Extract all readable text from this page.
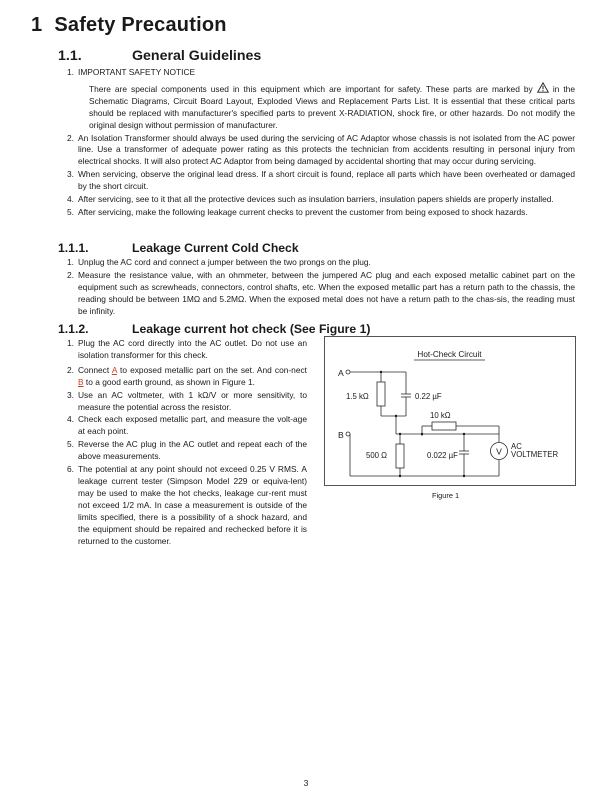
1 Safety Precaution
1.1.	General Guidelines
1. IMPORTANT SAFETY NOTICE
There are special components used in this equipment which are important for safety. These parts are marked by in the Schematic Diagrams, Circuit Board Layout, Exploded Views and Replacement Parts List. It is essential that these critical parts should be replaced with manufacturer's specified parts to prevent X-RADIATION, shock fire, or other hazards. Do not modify the original design without permission of manufacturer.
2. An Isolation Transformer should always be used during the servicing of AC Adaptor whose chassis is not isolated from the AC power line. Use a transformer of adequate power rating as this protects the technician from accidents resulting in personal injury from electrical shocks. It will also protect AC Adaptor from being damaged by accidental shorting that may occur during servicing.
3. When servicing, observe the original lead dress. If a short circuit is found, replace all parts which have been overheated or damaged by the short circuit.
4. After servicing, see to it that all the protective devices such as insulation barriers, insulation papers shields are properly installed.
5. After servicing, make the following leakage current checks to prevent the customer from being exposed to shock hazards.
1.1.1.	Leakage Current Cold Check
1. Unplug the AC cord and connect a jumper between the two prongs on the plug.
2. Measure the resistance value, with an ohmmeter, between the jumpered AC plug and each exposed metallic cabinet part on the equipment such as screwheads, connectors, control shafts, etc. When the exposed metallic part has a return path to the chassis, the reading should be between 1MΩ and 5.2MΩ. When the exposed metal does not have a return path to the chas-sis, the reading must be infinity.
1.1.2.	Leakage current hot check (See Figure 1)
1. Plug the AC cord directly into the AC outlet. Do not use an isolation transformer for this check.
2. Connect A to exposed metallic part on the set. And con-nect B to a good earth ground, as shown in Figure 1.
3. Use an AC voltmeter, with 1 kΩ/V or more sensitivity, to measure the potential across the resistor.
4. Check each exposed metallic part, and measure the volt-age at each point.
5. Reverse the AC plug in the AC outlet and repeat each of the above measurements.
6. The potential at any point should not exceed 0.25 V RMS. A leakage current tester (Simpson Model 229 or equiva-lent) may be used to make the hot checks, leakage cur-rent must not exceed 1/2 mA. In case a measurement is outside of the limits specified, there is a possibility of a shock hazard, and the equipment should be repaired and rechecked before it is returned to the customer.
Hot-Check Circuit
A
B
1.5 kΩ	0.22 µF
10 kΩ
500 Ω	0.022 µF	V AC
VOLTMETER
Figure 1
3
